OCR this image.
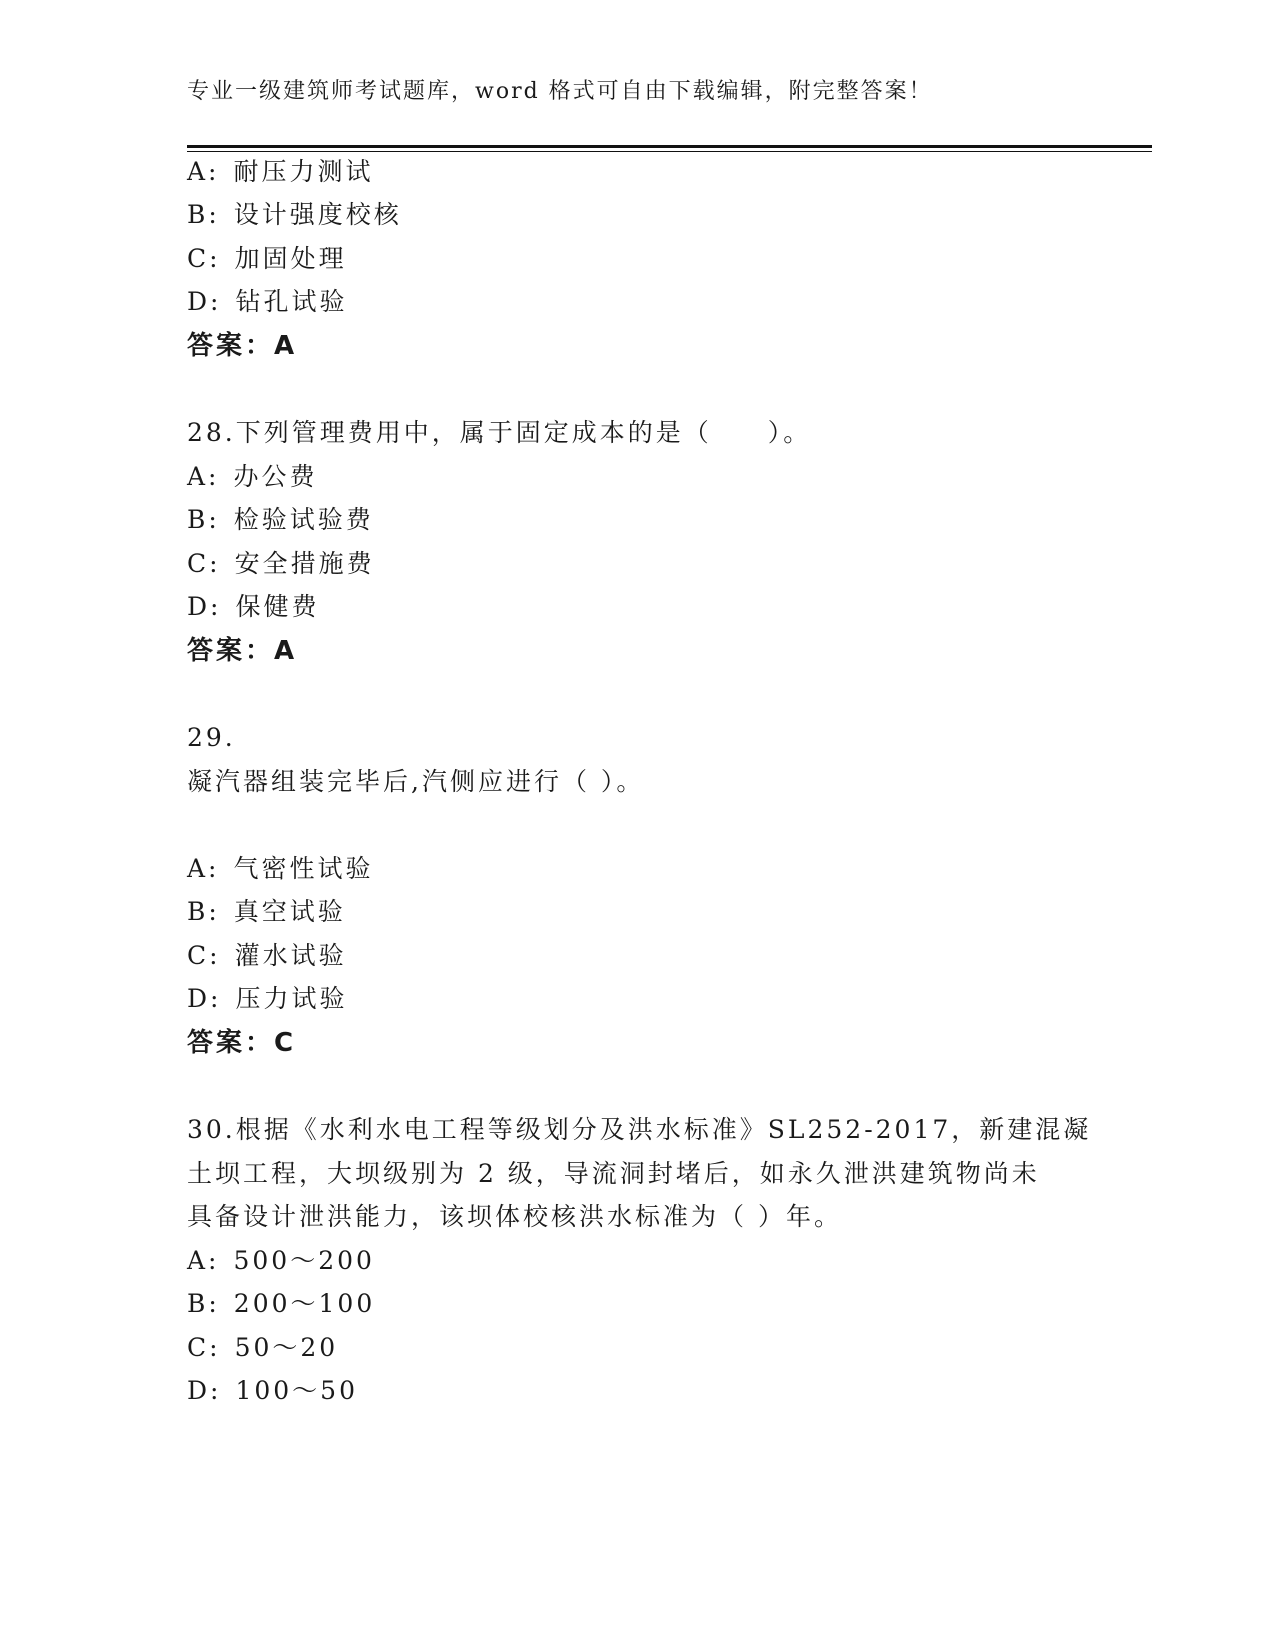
专业一级建筑师考试题库，word 格式可自由下载编辑，附完整答案！
A: 耐压力测试
B: 设计强度校核
C: 加固处理
D: 钻孔试验
答案：A
28.下列管理费用中，属于固定成本的是（　　）。
A: 办公费
B: 检验试验费
C: 安全措施费
D: 保健费
答案：A
29.
凝汽器组装完毕后,汽侧应进行（ ）。
A: 气密性试验
B: 真空试验
C: 灌水试验
D: 压力试验
答案：C
30.根据《水利水电工程等级划分及洪水标准》SL252-2017，新建混凝
土坝工程，大坝级别为 2 级，导流洞封堵后，如永久泄洪建筑物尚未
具备设计泄洪能力，该坝体校核洪水标准为（ ）年。
A: 500～200
B: 200～100
C: 50～20
D: 100～50
